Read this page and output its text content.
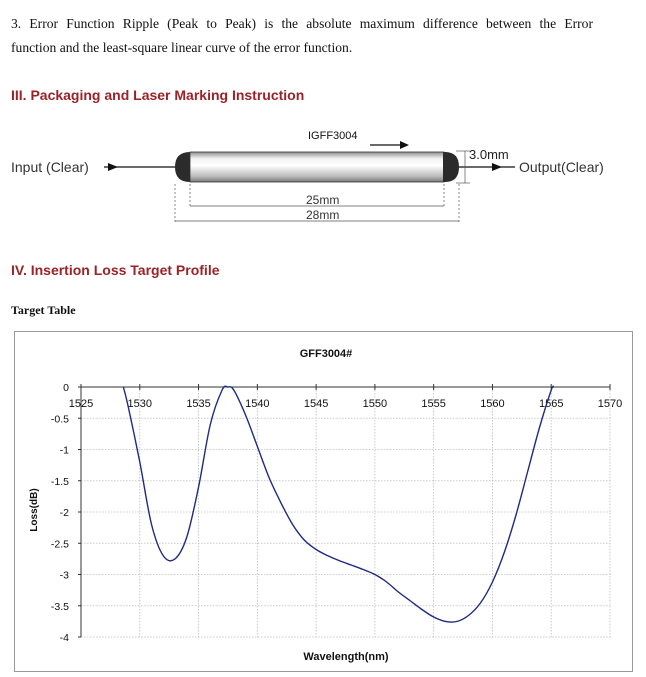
3. Error Function Ripple (Peak to Peak) is the absolute maximum difference between the Error
function and the least-square linear curve of the error function.
III. Packaging and Laser Marking Instruction
IGFF3004
Input (Clear)	Output(Clear)
3.0mm
25mm
28mm
IV. Insertion Loss Target Profile
Target Table
GFF3004#
Wavelength(nm)
Loss(dB)
1525	1530	1535	1540	1545	1550	1555	1560	1565	1570
0
-0.5
-1
-1.5
-2
-2.5
-3
-3.5
-4
